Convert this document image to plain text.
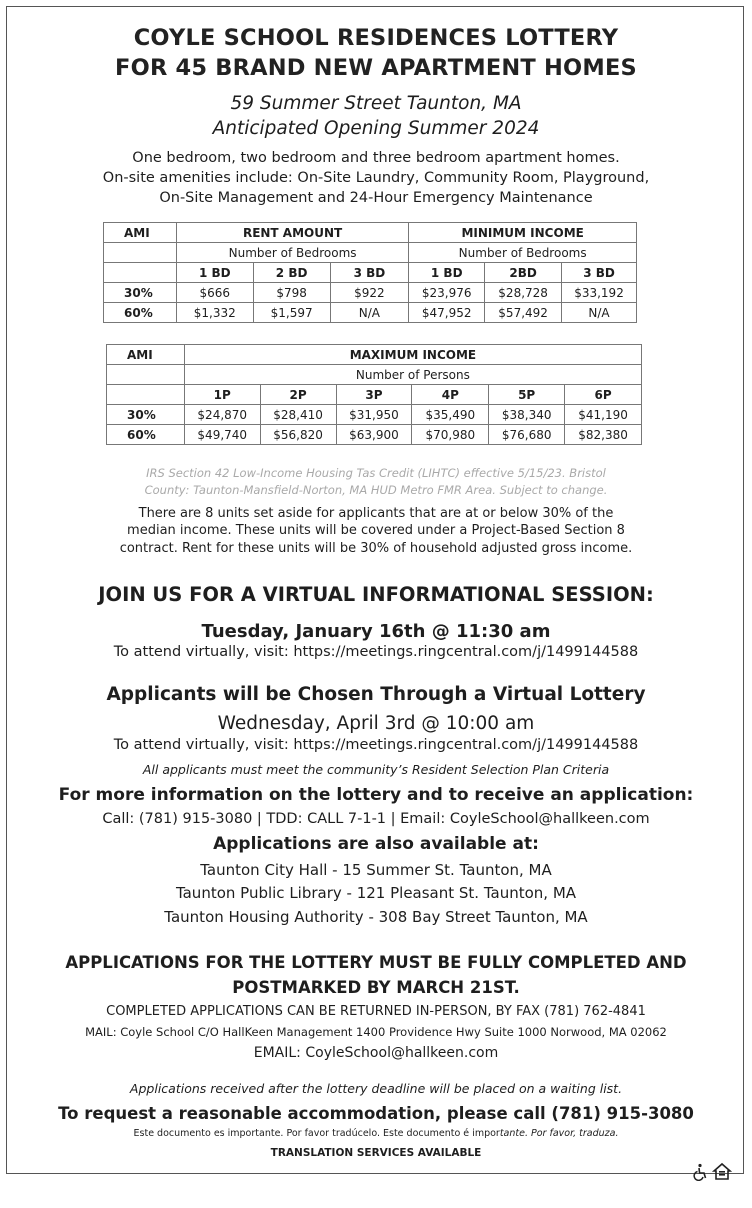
COYLE SCHOOL RESIDENCES LOTTERY
FOR 45 BRAND NEW APARTMENT HOMES
59 Summer Street Taunton, MA
Anticipated Opening Summer 2024
One bedroom, two bedroom and three bedroom apartment homes.
On-site amenities include: On-Site Laundry, Community Room, Playground,
On-Site Management and 24-Hour Emergency Maintenance
AMI	RENT AMOUNT			MINIMUM INCOME		
	Number of Bedrooms			Number of Bedrooms		
	1 BD	2 BD	3 BD	1 BD	2BD	3 BD
30%	$666	$798	$922	$23,976	$28,728	$33,192
60%	$1,332	$1,597	N/A	$47,952	$57,492	N/A
AMI	MAXIMUM INCOME					
	Number of Persons					
	1P	2P	3P	4P	5P	6P
30%	$24,870	$28,410	$31,950	$35,490	$38,340	$41,190
60%	$49,740	$56,820	$63,900	$70,980	$76,680	$82,380
IRS Section 42 Low-Income Housing Tas Credit (LIHTC) effective 5/15/23. Bristol
County: Taunton-Mansfield-Norton, MA HUD Metro FMR Area. Subject to change.
There are 8 units set aside for applicants that are at or below 30% of the
median income. These units will be covered under a Project-Based Section 8
contract. Rent for these units will be 30% of household adjusted gross income.
JOIN US FOR A VIRTUAL INFORMATIONAL SESSION:
Tuesday, January 16th @ 11:30 am
To attend virtually, visit: https://meetings.ringcentral.com/j/1499144588
Applicants will be Chosen Through a Virtual Lottery
Wednesday, April 3rd @ 10:00 am
To attend virtually, visit: https://meetings.ringcentral.com/j/1499144588
All applicants must meet the community’s Resident Selection Plan Criteria
For more information on the lottery and to receive an application:
Call: (781) 915-3080 | TDD: CALL 7-1-1 | Email: CoyleSchool@hallkeen.com
Applications are also available at:
Taunton City Hall - 15 Summer St. Taunton, MA
Taunton Public Library - 121 Pleasant St. Taunton, MA
Taunton Housing Authority - 308 Bay Street Taunton, MA
APPLICATIONS FOR THE LOTTERY MUST BE FULLY COMPLETED AND
POSTMARKED BY MARCH 21ST.
COMPLETED APPLICATIONS CAN BE RETURNED IN-PERSON, BY FAX (781) 762-4841
MAIL: Coyle School C/O HallKeen Management 1400 Providence Hwy Suite 1000 Norwood, MA 02062
EMAIL: CoyleSchool@hallkeen.com
Applications received after the lottery deadline will be placed on a waiting list.
To request a reasonable accommodation, please call (781) 915-3080
Este documento es importante. Por favor tradúcelo. Este documento é importante. Por favor, traduza.
TRANSLATION SERVICES AVAILABLE
